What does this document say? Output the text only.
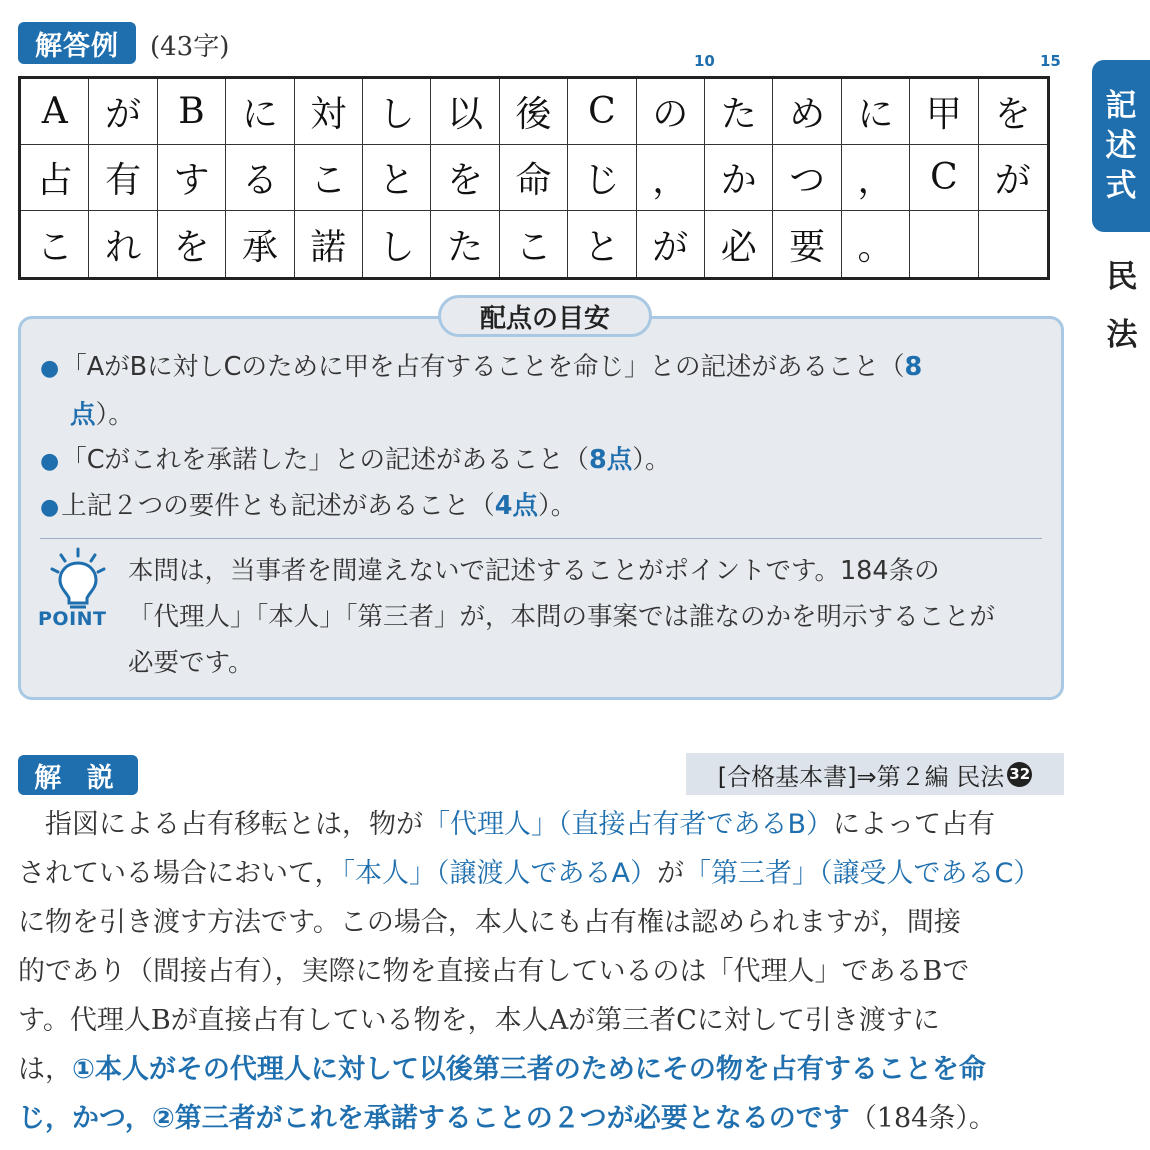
解答例	(43字)	10	15
A	が	B	に 対 し 以 後	C	の た め に 甲 を
占 有 す る こ と を 命 じ ， か つ ，	C	が
こ れ を 承 諾 し た こ と が 必 要 。
記
述
式
民
法
配点の目安
●「AがBに対しCのために甲を占有することを命じ」との記述があること（8
点）。
●「Cがこれを承諾した」との記述があること（8点）。
●上記２つの要件とも記述があること（4点）。
POINT
本問は，当事者を間違えないで記述することがポイントです。184条の
「代理人」「本人」「第三者」が，本問の事案では誰なのかを明示することが
必要です。
解 説	[合格基本書]⇒第２編 民法 32
　指図による占有移転とは，物が「代理人」（直接占有者であるB）によって占有
されている場合において，「本人」（譲渡人であるA）が「第三者」（譲受人であるC）
に物を引き渡す方法です。この場合，本人にも占有権は認められますが，間接
的であり（間接占有），実際に物を直接占有しているのは「代理人」であるBで
す。代理人Bが直接占有している物を，本人Aが第三者Cに対して引き渡すに
は，①本人がその代理人に対して以後第三者のためにその物を占有することを命
じ，かつ，②第三者がこれを承諾することの２つが必要となるのです（184条）。
